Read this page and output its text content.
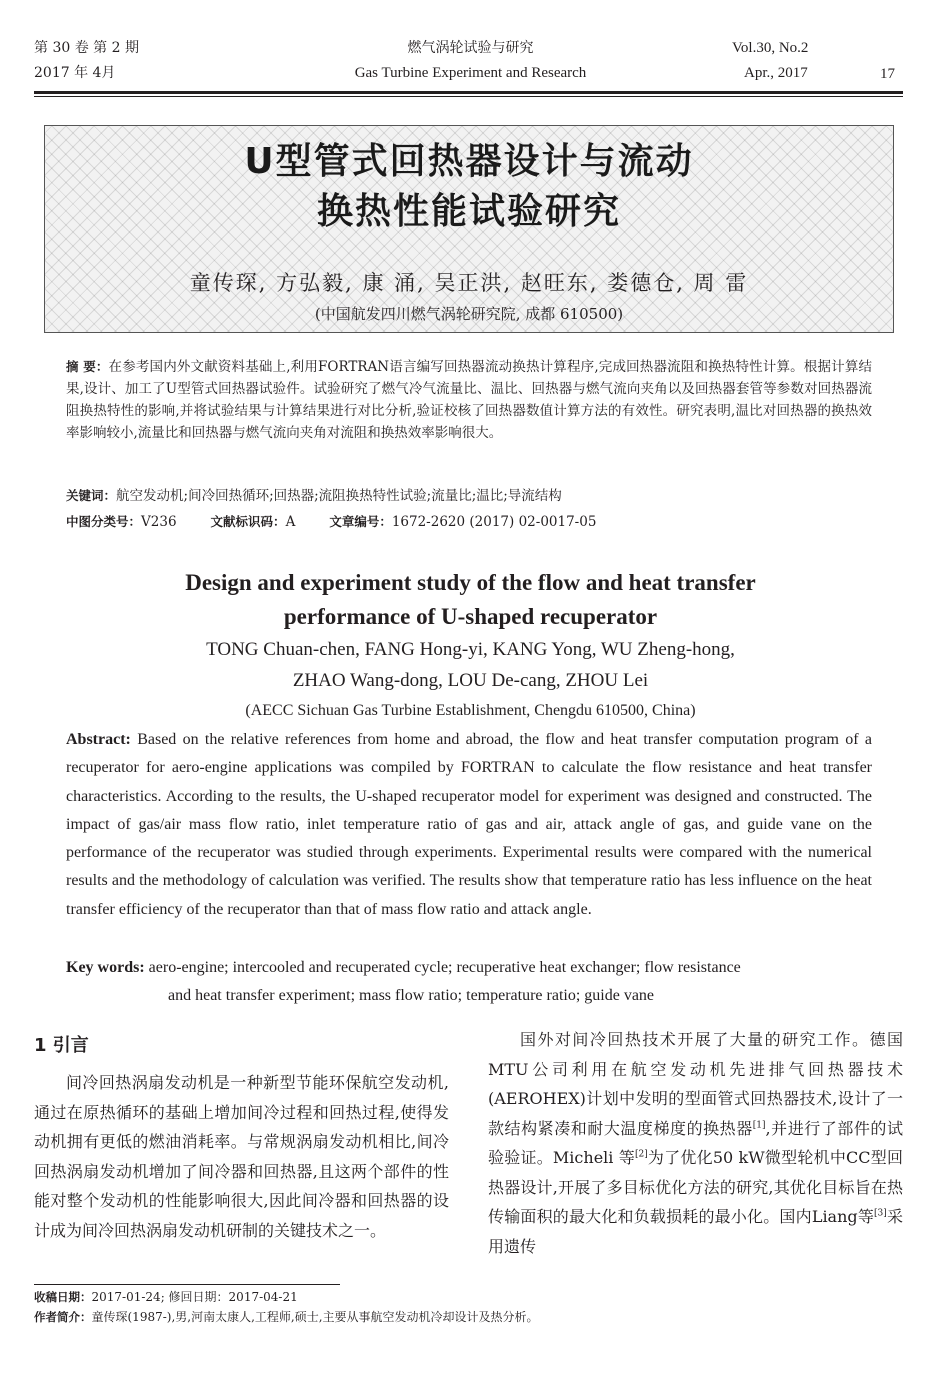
第 30 卷 第 2 期
2017 年 4月
燃气涡轮试验与研究
Gas Turbine Experiment and Research
Vol.30, No.2
Apr., 2017	17
U型管式回热器设计与流动
换热性能试验研究
童传琛, 方弘毅, 康 涌, 吴正洪, 赵旺东, 娄德仓, 周 雷
(中国航发四川燃气涡轮研究院, 成都 610500)
摘 要：在参考国内外文献资料基础上,利用FORTRAN语言编写回热器流动换热计算程序,完成回热器流阻和换热特性计算。根据计算结果,设计、加工了U型管式回热器试验件。试验研究了燃气冷气流量比、温比、回热器与燃气流向夹角以及回热器套管等参数对回热器流阻换热特性的影响,并将试验结果与计算结果进行对比分析,验证校核了回热器数值计算方法的有效性。研究表明,温比对回热器的换热效率影响较小,流量比和回热器与燃气流向夹角对流阻和换热效率影响很大。
关键词：航空发动机;间冷回热循环;回热器;流阻换热特性试验;流量比;温比;导流结构
中图分类号：V236	文献标识码：A	文章编号：1672-2620 (2017) 02-0017-05
Design and experiment study of the flow and heat transfer
performance of U-shaped recuperator
TONG Chuan-chen, FANG Hong-yi, KANG Yong, WU Zheng-hong,
ZHAO Wang-dong, LOU De-cang, ZHOU Lei
(AECC Sichuan Gas Turbine Establishment, Chengdu 610500, China)
Abstract: Based on the relative references from home and abroad, the flow and heat transfer computation program of a recuperator for aero-engine applications was compiled by FORTRAN to calculate the flow resistance and heat transfer characteristics. According to the results, the U-shaped recuperator model for experiment was designed and constructed. The impact of gas/air mass flow ratio, inlet temperature ratio of gas and air, attack angle of gas, and guide vane on the performance of the recuperator was studied through experiments. Experimental results were compared with the numerical results and the methodology of calculation was verified. The results show that temperature ratio has less influence on the heat transfer efficiency of the recuperator than that of mass flow ratio and attack angle.
Key words: aero-engine; intercooled and recuperated cycle; recuperative heat exchanger; flow resistance
and heat transfer experiment; mass flow ratio; temperature ratio; guide vane
1 引言
间冷回热涡扇发动机是一种新型节能环保航空发动机,通过在原热循环的基础上增加间冷过程和回热过程,使得发动机拥有更低的燃油消耗率。与常规涡扇发动机相比,间冷回热涡扇发动机增加了间冷器和回热器,且这两个部件的性能对整个发动机的性能影响很大,因此间冷器和回热器的设计成为间冷回热涡扇发动机研制的关键技术之一。
国外对间冷回热技术开展了大量的研究工作。德国MTU公司利用在航空发动机先进排气回热器技术(AEROHEX)计划中发明的型面管式回热器技术,设计了一款结构紧凑和耐大温度梯度的换热器[1],并进行了部件的试验验证。Micheli 等[2]为了优化50 kW微型轮机中CC型回热器设计,开展了多目标优化方法的研究,其优化目标旨在热传输面积的最大化和负载损耗的最小化。国内Liang等[3]采用遗传
收稿日期：2017-01-24; 修回日期：2017-04-21
作者简介：童传琛(1987-),男,河南太康人,工程师,硕士,主要从事航空发动机冷却设计及热分析。
